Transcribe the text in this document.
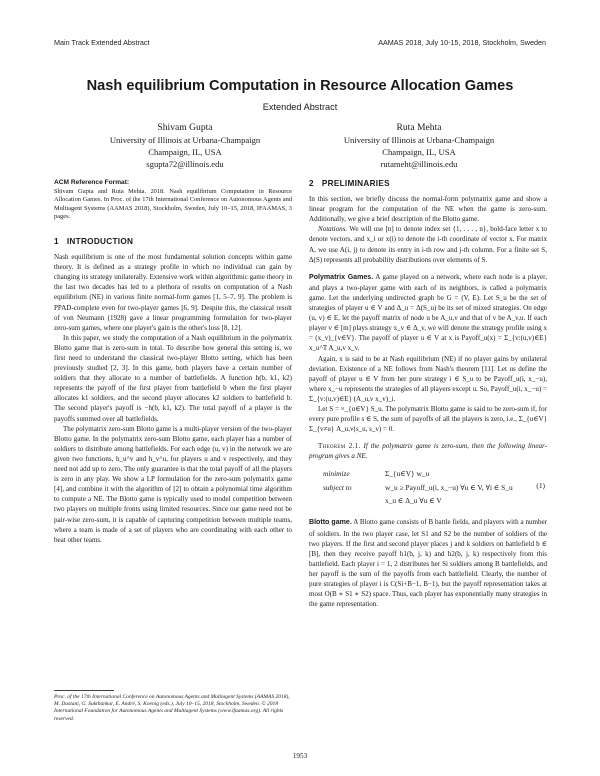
Main Track Extended Abstract	AAMAS 2018, July 10-15, 2018, Stockholm, Sweden
Nash equilibrium Computation in Resource Allocation Games
Extended Abstract
Shivam Gupta
University of Illinois at Urbana-Champaign
Champaign, IL, USA
sgupta72@illinois.edu
Ruta Mehta
University of Illinois at Urbana-Champaign
Champaign, IL, USA
rutameht@illinois.edu
ACM Reference Format:
Shivam Gupta and Ruta Mehta. 2018. Nash equilibrium Computation in Resource Allocation Games. In Proc. of the 17th International Conference on Autonomous Agents and Multiagent Systems (AAMAS 2018), Stockholm, Sweden, July 10–15, 2018, IFAAMAS, 3 pages.
1 INTRODUCTION

Nash equilibrium is one of the most fundamental solution concepts within game theory. It is defined as a strategy profile in which no individual can gain by changing its strategy unilaterally. Extensive work within algorithmic game theory in the last two decades has led to a plethora of results on computation of a Nash equilibrium (NE) in various finite normal-form games [1, 5–7, 9]. The problem is PPAD-complete even for two-player games [6, 9]. Despite this, the classical result of von Neumann (1928) gave a linear programming formulation for two-player zero-sum games, where one player's gain is the other's loss [8, 12].

In this paper, we study the computation of a Nash equilibrium in the polymatrix Blotto game that is zero-sum in total. To describe how general this setting is, we first need to understand the classical two-player Blotto setting, which has been previously studied [2, 3]. In this game, both players have a certain number of soldiers that they allocate to a number of battlefields. A function h(b, k1, k2) represents the payoff of the first player from battlefield b when the first player allocates k1 soldiers, and the second player allocates k2 soldiers to battlefield b. The second player's payoff is −h(b, k1, k2). The total payoff of a player is the payoffs summed over all battlefields.

The polymatrix zero-sum Blotto game is a multi-player version of the two-player Blotto game. In the polymatrix zero-sum Blotto game, each player has a number of soldiers to distribute among battlefields. For each edge (u, v) in the network we are given two functions, h_u^v and h_v^u, for players u and v respectively, and they need not add up to zero. The only guarantee is that the total payoff of all the players is zero in any play. We show a LP formulation for the zero-sum polymatrix game [4], and combine it with the algorithm of [2] to obtain a polynomial time algorithm to compute a NE. The Blotto game is typically used to model competition between two players on multiple fronts using limited resources. Since our game need not be pair-wise zero-sum, it is capable of capturing competition between multiple teams, where a team is made of a set of players who are coordinating with each other to beat other teams.

2 PRELIMINARIES

In this section, we briefly discuss the normal-form polymatrix game and show a linear program for the computation of the NE when the game is zero-sum. Additionally, we give a brief description of the Blotto game.

Notations. We will use [n] to denote index set {1, . . . , n}, bold-face letter x to denote vectors, and x_i or x(i) to denote the i-th coordinate of vector x. For matrix A, we use A(i, j) to denote its entry in i-th row and j-th column. For a finite set S, Δ(S) represents all probability distributions over elements of S.

Polymatrix Games. A game played on a network, where each node is a player, and plays a two-player game with each of its neighbors, is called a polymatrix game. Let the underlying undirected graph be G = (V, E). Let S_u be the set of strategies of player u ∈ V and Δ_u = Δ(S_u) be its set of mixed strategies. On edge (u, v) ∈ E, let the payoff matrix of node u be A_u,v and that of v be A_v,u. If each player v ∈ [m] plays strategy x_v ∈ Δ_v, we will denote the strategy profile using x = (x_v)_{v∈V}. The payoff of player u ∈ V at x is Payoff_u(x) = Σ_{v:(u,v)∈E} x_u^T A_u,v x_v.

Again, x is said to be at Nash equilibrium (NE) if no player gains by unilateral deviation. Existence of a NE follows from Nash's theorem [11]. Let us define the payoff of player u ∈ V from her pure strategy i ∈ S_u to be Payoff_u(i, x_−u), where x_−u represents the strategies of all players except u. So, Payoff_u(i, x_−u) = Σ_{v:(u,v)∈E} (A_u,v x_v)_i.

Let S = ×_{u∈V} S_u. The polymatrix Blotto game is said to be zero-sum if, for every pure profile s ∈ S, the sum of payoffs of all the players is zero, i.e., Σ_{u∈V} Σ_{v≠u} A_u,v(s_u, s_v) = 0.

Theorem 2.1. If the polymatrix game is zero-sum, then the following linear-program gives a NE.

minimize	Σ_{u∈V} w_u
subject to	w_u ≥ Payoff_u(i, x_−u) ∀u ∈ V, ∀i ∈ S_u
x_u ∈ Δ_u ∀u ∈ V
(1)

Blotto game. A Blotto game consists of B battle fields, and players with a number of soldiers. In the two player case, let S1 and S2 be the number of soldiers of the two players. If the first and second player places j and k soldiers on battlefield b ∈ [B], then they receive payoff h1(b, j, k) and h2(b, j, k) respectively from this battlefield. Each player i = 1, 2 distributes her Si soldiers among B battlefields, and her payoff is the sum of the payoffs from each battlefield. Clearly, the number of pure strategies of player i is C(Si+B−1, B−1), but the payoff representation takes at most O(B ∗ S1 ∗ S2) space. Thus, each player has exponentially many strategies in the game representation.

Proc. of the 17th International Conference on Autonomous Agents and Multiagent Systems (AAMAS 2018), M. Dastani, G. Sukthankar, E. André, S. Koenig (eds.), July 10–15, 2018, Stockholm, Sweden. © 2018 International Foundation for Autonomous Agents and Multiagent Systems (www.ifaamas.org). All rights reserved.
1953
